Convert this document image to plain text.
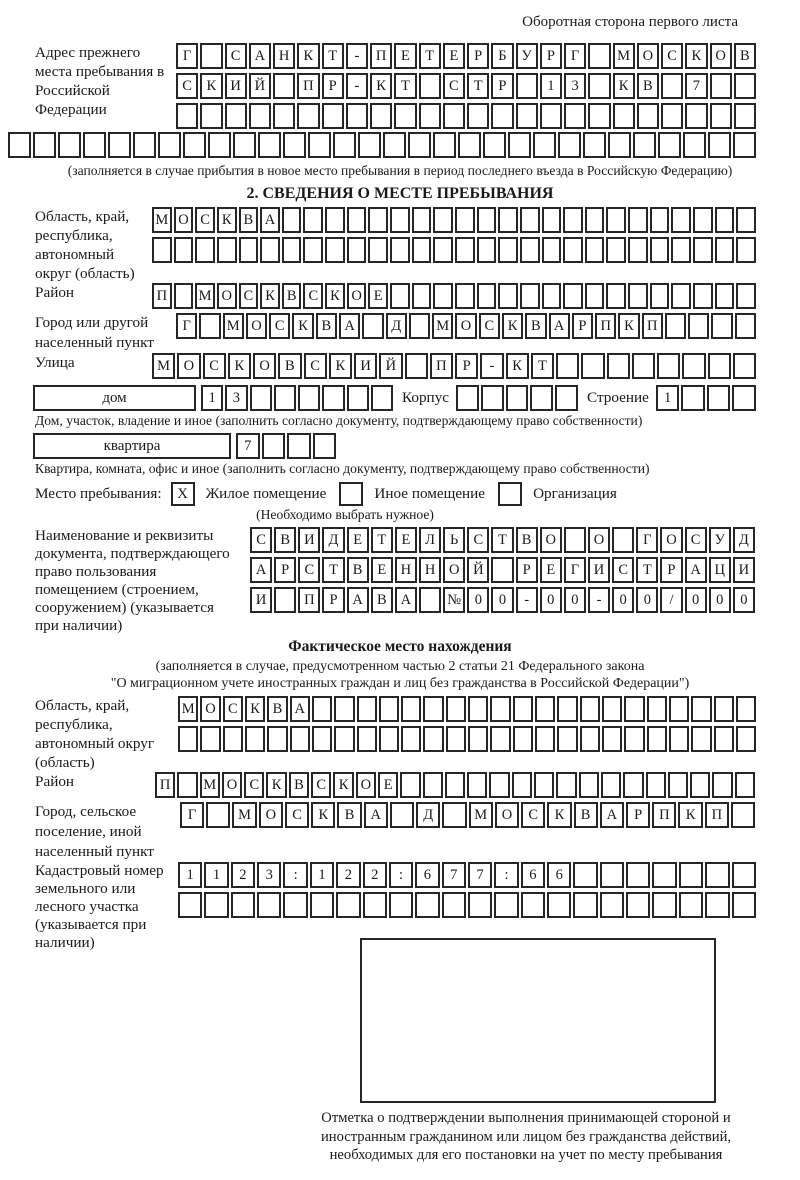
Оборотная сторона первого листа
Адрес прежнего места пребывания в Российской Федерации
Г	С А Н К	Т	-	П	Е	Т	Е	Р	Б	У	Р	Г	М О С	К О В
С	К И Й	П	Р	-	К	Т	С	Т	Р	1	3	К	В	7
(заполняется в случае прибытия в новое место пребывания в период последнего въезда в Российскую Федерацию)
2. СВЕДЕНИЯ О МЕСТЕ ПРЕБЫВАНИЯ
Область, край, республика, автономный округ (область)
М О С К В А
Район	П	М О С К В С К О Е
Город или другой населенный пункт
Г	М О С К В А	Д	М О С К В А Р П К П
Улица	М О	С	К	О	В	С	К	И	Й	П	Р	-	К	Т
дом	1	3	Корпус	Строение	1
Дом, участок, владение и иное (заполнить согласно документу, подтверждающему право собственности)
квартира	7
Квартира, комната, офис и иное (заполнить согласно документу, подтверждающему право собственности)
Место пребывания:	X	Жилое помещение	Иное помещение	Организация
(Необходимо выбрать нужное)
Наименование и реквизиты документа, подтверждающего право пользования помещением (строением, сооружением) (указывается при наличии)
С В И Д	Е	Т	Е	Л	Ь	С	Т	В О	О	Г	О С У Д
А	Р	С	Т	В	Е Н Н О Й	Р	Е	Г	И С	Т	Р	А Ц И
И	П	Р	А В А	№ 0	0	-	0	0	-	0	0	/	0	0	0
Фактическое место нахождения
(заполняется в случае, предусмотренном частью 2 статьи 21 Федерального закона
"О миграционном учете иностранных граждан и лиц без гражданства в Российской Федерации")
Область, край, республика, автономный округ (область)
М О С К В А
Район	П	М О С К В С К О Е
Город, сельское поселение, иной населенный пункт
Г	М	О	С	К	В	А	Д	М	О	С	К	В	А	Р	П	К	П
Кадастровый номер земельного или лесного участка (указывается при наличии)
1	1	2	3	:	1	2	2	:	6	7	7	:	6	6
Отметка о подтверждении выполнения принимающей стороной и иностранным гражданином или лицом без гражданства действий, необходимых для его постановки на учет по месту пребывания
